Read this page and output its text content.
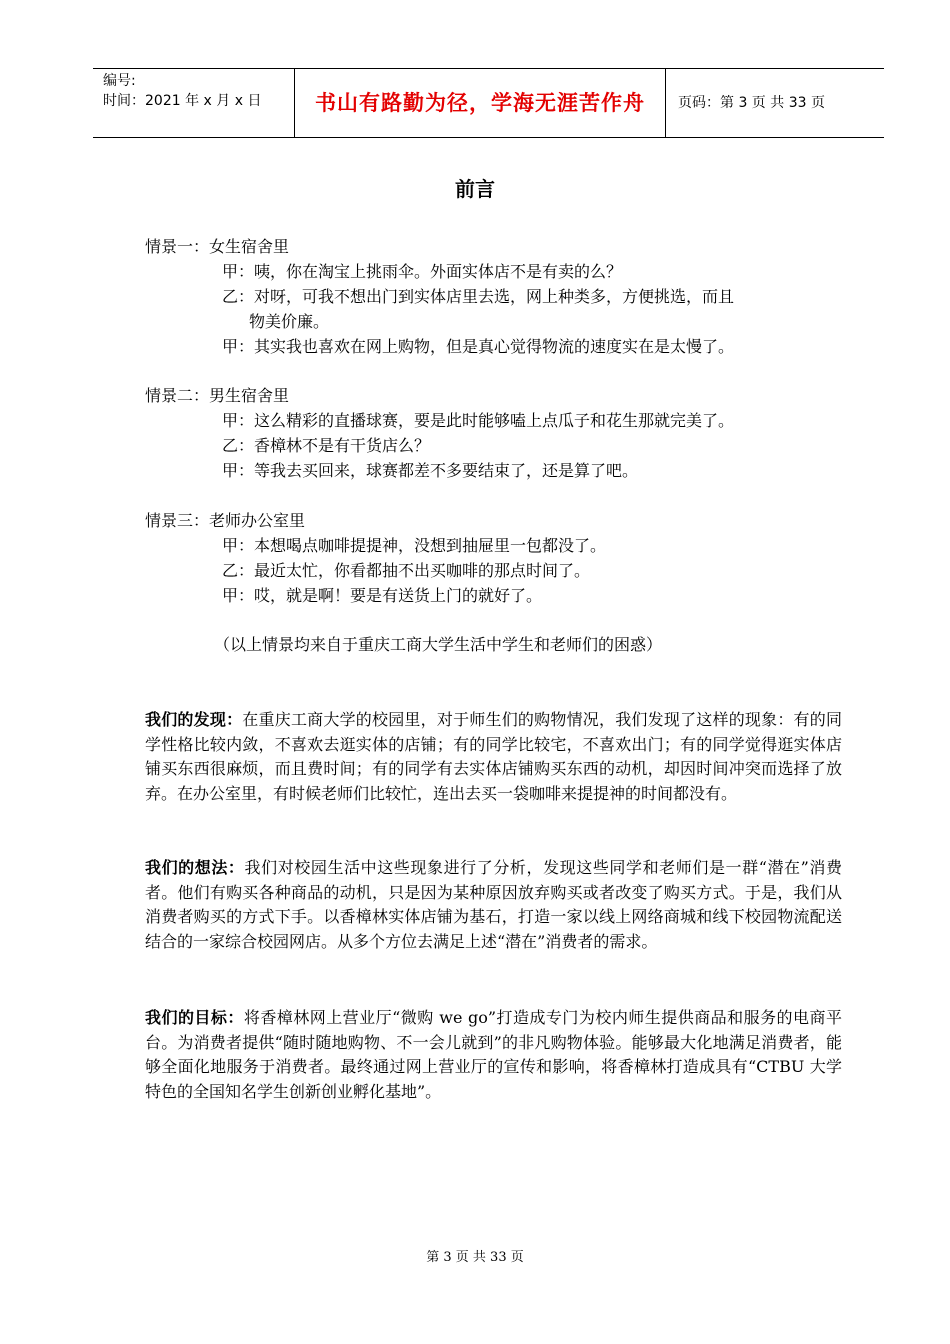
编号:
时间：2021 年 x 月 x 日	书山有路勤为径，学海无涯苦作舟	页码：第 3 页 共 33 页
前言
情景一：女生宿舍里
甲：咦，你在淘宝上挑雨伞。外面实体店不是有卖的么？
乙：对呀，可我不想出门到实体店里去选，网上种类多，方便挑选，而且
物美价廉。
甲：其实我也喜欢在网上购物，但是真心觉得物流的速度实在是太慢了。
情景二：男生宿舍里
甲：这么精彩的直播球赛，要是此时能够嗑上点瓜子和花生那就完美了。
乙：香樟林不是有干货店么？
甲：等我去买回来，球赛都差不多要结束了，还是算了吧。
情景三：老师办公室里
甲：本想喝点咖啡提提神，没想到抽屉里一包都没了。
乙：最近太忙，你看都抽不出买咖啡的那点时间了。
甲：哎，就是啊！要是有送货上门的就好了。
（以上情景均来自于重庆工商大学生活中学生和老师们的困惑）
我们的发现：在重庆工商大学的校园里，对于师生们的购物情况，我们发现了这样的现象：有的同学性格比较内敛，不喜欢去逛实体的店铺；有的同学比较宅，不喜欢出门；有的同学觉得逛实体店铺买东西很麻烦，而且费时间；有的同学有去实体店铺购买东西的动机，却因时间冲突而选择了放弃。在办公室里，有时候老师们比较忙，连出去买一袋咖啡来提提神的时间都没有。
我们的想法：我们对校园生活中这些现象进行了分析，发现这些同学和老师们是一群“潜在”消费者。他们有购买各种商品的动机，只是因为某种原因放弃购买或者改变了购买方式。于是，我们从消费者购买的方式下手。以香樟林实体店铺为基石，打造一家以线上网络商城和线下校园物流配送结合的一家综合校园网店。从多个方位去满足上述“潜在”消费者的需求。
我们的目标：将香樟林网上营业厅“微购 we go”打造成专门为校内师生提供商品和服务的电商平台。为消费者提供“随时随地购物、不一会儿就到”的非凡购物体验。能够最大化地满足消费者，能够全面化地服务于消费者。最终通过网上营业厅的宣传和影响，将香樟林打造成具有“CTBU 大学特色的全国知名学生创新创业孵化基地”。
第 3 页 共 33 页
